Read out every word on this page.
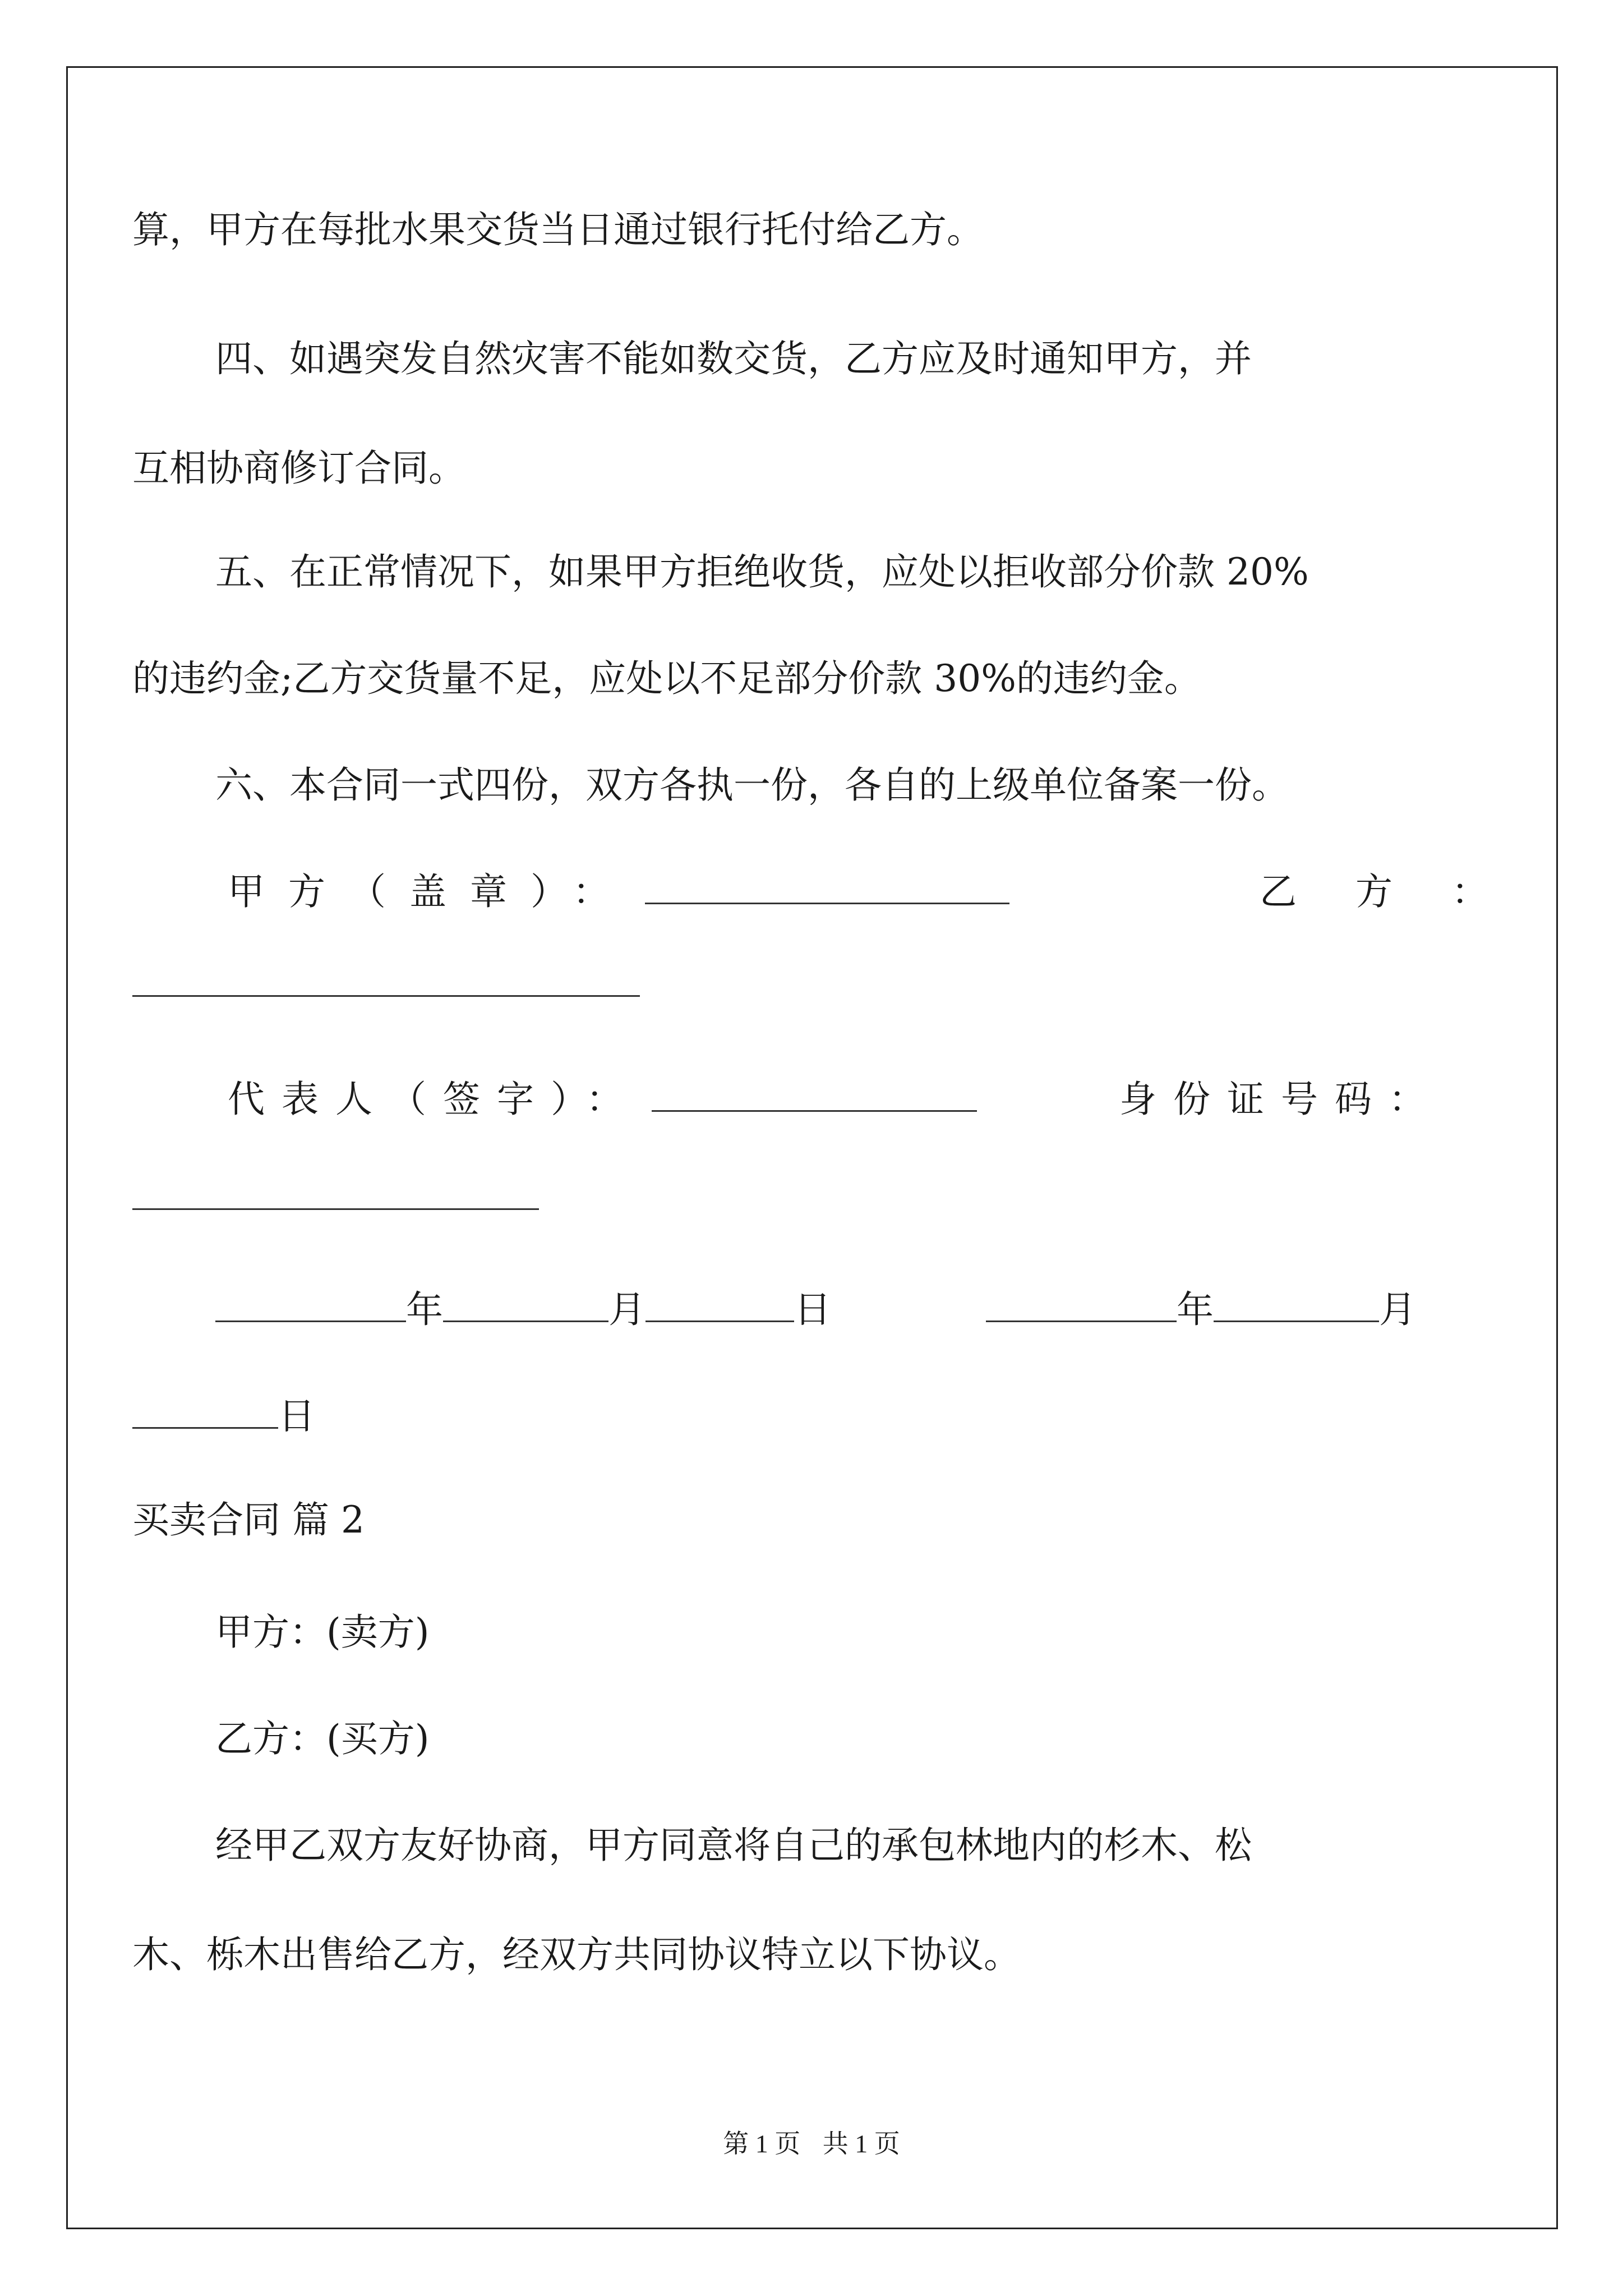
算，甲方在每批水果交货当日通过银行托付给乙方。
四、如遇突发自然灾害不能如数交货，乙方应及时通知甲方，并
互相协商修订合同。
五、在正常情况下，如果甲方拒绝收货，应处以拒收部分价款 20%
的违约金;乙方交货量不足，应处以不足部分价款 30%的违约金。
六、本合同一式四份，双方各执一份，各自的上级单位备案一份。
甲方（盖章）：	乙 方 ：
代表人（签字）：	身份证号码：
年	月	日	年	月
日
买卖合同 篇 2
甲方：(卖方)
乙方：(买方)
经甲乙双方友好协商，甲方同意将自己的承包林地内的杉木、松
木、栎木出售给乙方，经双方共同协议特立以下协议。
第 1 页 共 1 页
